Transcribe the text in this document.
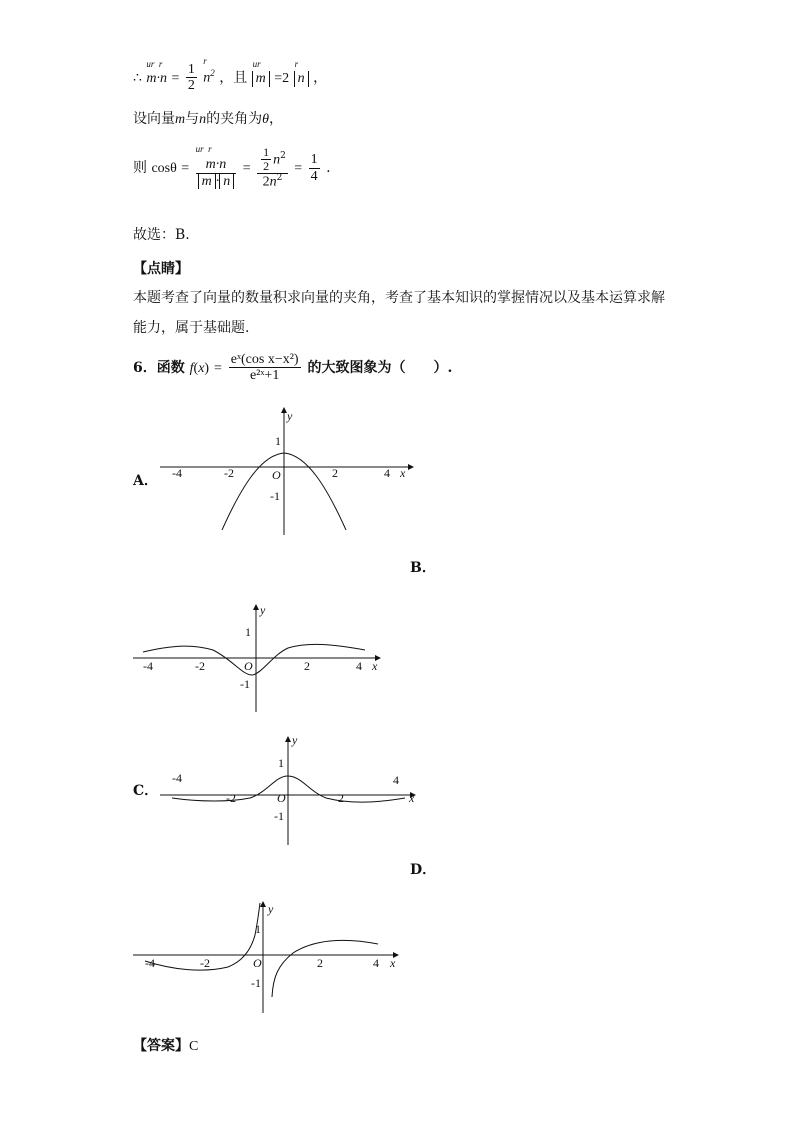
∴
ur  r
$m\cdot n = \frac{1}{2}$

r
$n^2$ ，且
ur
m =2
r
n ，
设向量m与n的夹角为θ，
则 cosθ = ur  r
m·n
$m \cdot n = \frac{\frac{1}{2} n^2}{2n^2} = \frac{1}{4}$ .
故选：B.
【点睛】
本题考查了向量的数量积求向量的夹角，考查了基本知识的掌握情况以及基本运算求解
能力，属于基础题.
6．函数 $f(x) = \frac{\text{eˣ(cos x−x²)}}{\text{e²ˣ+1}}$ 的大致图象为（　　）.
A．
B．
C．
D．
-4	-2	O	2	4 x
y
1
-1
-4	-2	O	2	4 x
y
1
-1
-4
-2	O	2
4
x
y
1
-1
-4	-2	O	2	4 x
y
1
-1
【答案】C
